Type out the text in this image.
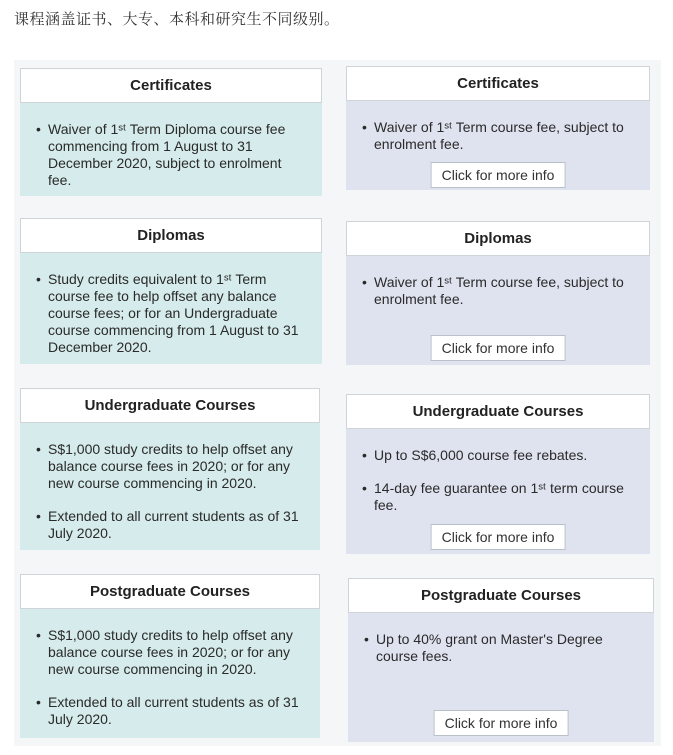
课程涵盖证书、大专、本科和研究生不同级别。
Certificates
• Waiver of 1ˢᵗ Term Diploma course fee commencing from 1 August to 31 December 2020, subject to enrolment fee.
Certificates
• Waiver of 1ˢᵗ Term course fee, subject to enrolment fee.
Click for more info
Diplomas
• Study credits equivalent to 1ˢᵗ Term course fee to help offset any balance course fees; or for an Undergraduate course commencing from 1 August to 31 December 2020.
Diplomas
• Waiver of 1ˢᵗ Term course fee, subject to enrolment fee.
Click for more info
Undergraduate Courses
• S$1,000 study credits to help offset any balance course fees in 2020; or for any new course commencing in 2020.
• Extended to all current students as of 31 July 2020.
Undergraduate Courses
• Up to S$6,000 course fee rebates.
• 14-day fee guarantee on 1ˢᵗ term course fee.
Click for more info
Postgraduate Courses
• S$1,000 study credits to help offset any balance course fees in 2020; or for any new course commencing in 2020.
• Extended to all current students as of 31 July 2020.
Postgraduate Courses
• Up to 40% grant on Master's Degree course fees.
Click for more info
